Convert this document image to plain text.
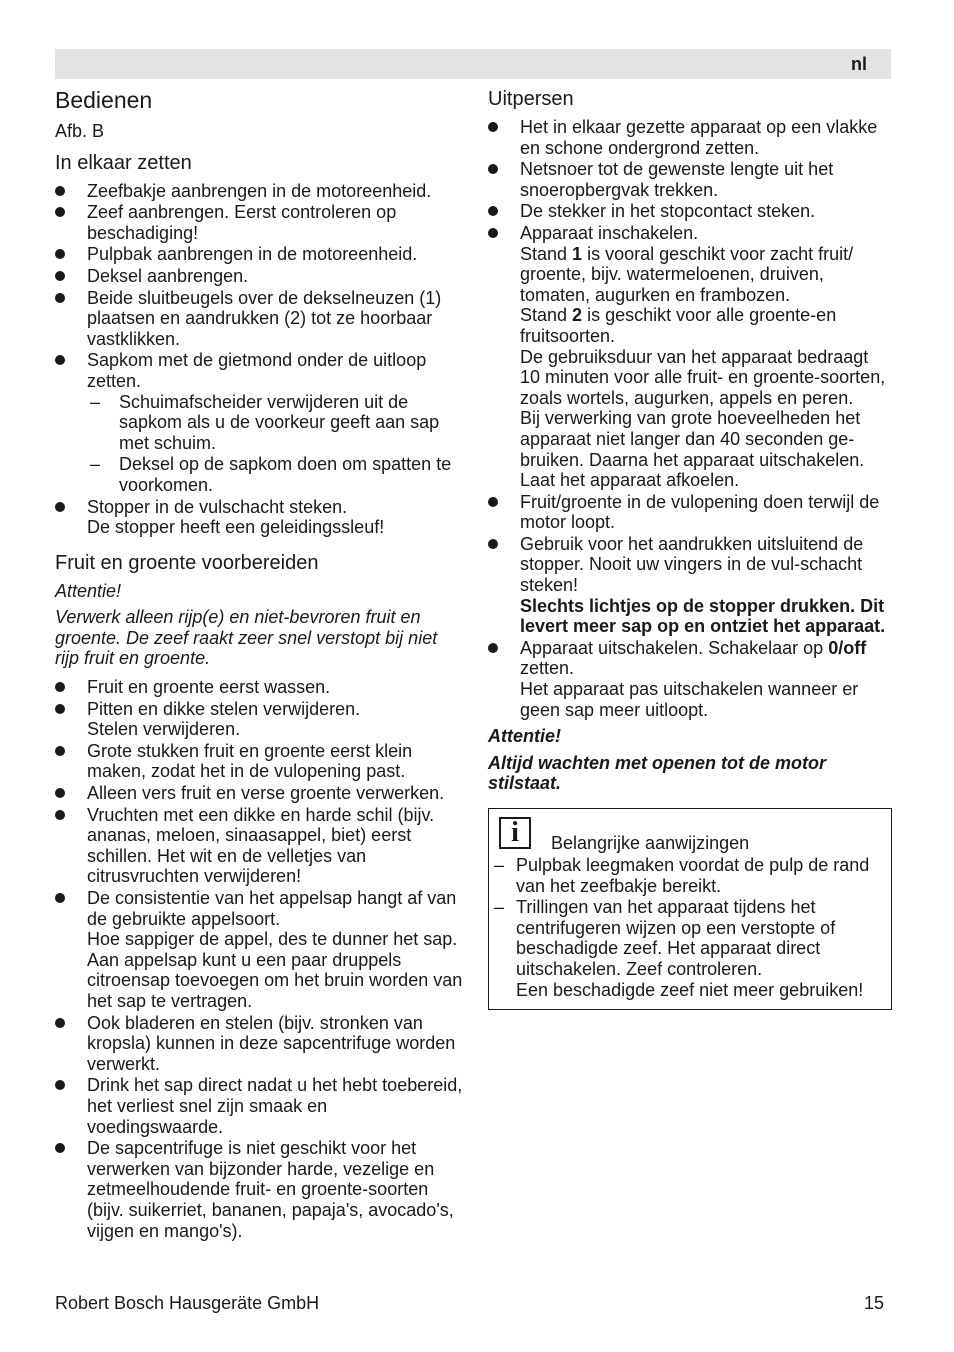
nl
Bedienen
Afb. B
In elkaar zetten
Zeefbakje aanbrengen in de motoreenheid.
Zeef aanbrengen. Eerst controleren op beschadiging!
Pulpbak aanbrengen in de motoreenheid.
Deksel aanbrengen.
Beide sluitbeugels over de dekselneuzen (1) plaatsen en aandrukken (2) tot ze hoorbaar vastklikken.
Sapkom met de gietmond onder de uitloop zetten.
– Schuimafscheider verwijderen uit de sapkom als u de voorkeur geeft aan sap met schuim.
– Deksel op de sapkom doen om spatten te voorkomen.
Stopper in de vulschacht steken.
De stopper heeft een geleidingssleuf!
Fruit en groente voorbereiden
Attentie!
Verwerk alleen rijp(e) en niet-bevroren fruit en groente. De zeef raakt zeer snel verstopt bij niet rijp fruit en groente.
Fruit en groente eerst wassen.
Pitten en dikke stelen verwijderen.
Stelen verwijderen.
Grote stukken fruit en groente eerst klein maken, zodat het in de vulopening past.
Alleen vers fruit en verse groente verwerken.
Vruchten met een dikke en harde schil (bijv. ananas, meloen, sinaasappel, biet) eerst schillen. Het wit en de velletjes van citrusvruchten verwijderen!
De consistentie van het appelsap hangt af van de gebruikte appelsoort.
Hoe sappiger de appel, des te dunner het sap. Aan appelsap kunt u een paar druppels citroensap toevoegen om het bruin worden van het sap te vertragen.
Ook bladeren en stelen (bijv. stronken van kropsla) kunnen in deze sapcentrifuge worden verwerkt.
Drink het sap direct nadat u het hebt toebereid, het verliest snel zijn smaak en voedingswaarde.
De sapcentrifuge is niet geschikt voor het verwerken van bijzonder harde, vezelige en zetmeelhoudende fruit- en groente-soorten (bijv. suikerriet, bananen, papaja's, avocado's, vijgen en mango's).
Uitpersen
Het in elkaar gezette apparaat op een vlakke en schone ondergrond zetten.
Netsnoer tot de gewenste lengte uit het snoeropbergvak trekken.
De stekker in het stopcontact steken.
Apparaat inschakelen.
Stand 1 is vooral geschikt voor zacht fruit/ groente, bijv. watermeloenen, druiven, tomaten, augurken en frambozen.
Stand 2 is geschikt voor alle groente-en fruitsoorten.
De gebruiksduur van het apparaat bedraagt 10 minuten voor alle fruit- en groente-soorten, zoals wortels, augurken, appels en peren.
Bij verwerking van grote hoeveelheden het apparaat niet langer dan 40 seconden ge-bruiken. Daarna het apparaat uitschakelen. Laat het apparaat afkoelen.
Fruit/groente in de vulopening doen terwijl de motor loopt.
Gebruik voor het aandrukken uitsluitend de stopper. Nooit uw vingers in de vul-schacht steken!
Slechts lichtjes op de stopper drukken. Dit levert meer sap op en ontziet het apparaat.
Apparaat uitschakelen. Schakelaar op 0/off zetten.
Het apparaat pas uitschakelen wanneer er geen sap meer uitloopt.
Attentie!
Altijd wachten met openen tot de motor stilstaat.
i	Belangrijke aanwijzingen
– Pulpbak leegmaken voordat de pulp de rand van het zeefbakje bereikt.
– Trillingen van het apparaat tijdens het centrifugeren wijzen op een verstopte of beschadigde zeef. Het apparaat direct uitschakelen. Zeef controleren.
Een beschadigde zeef niet meer gebruiken!
Robert Bosch Hausgeräte GmbH	15
